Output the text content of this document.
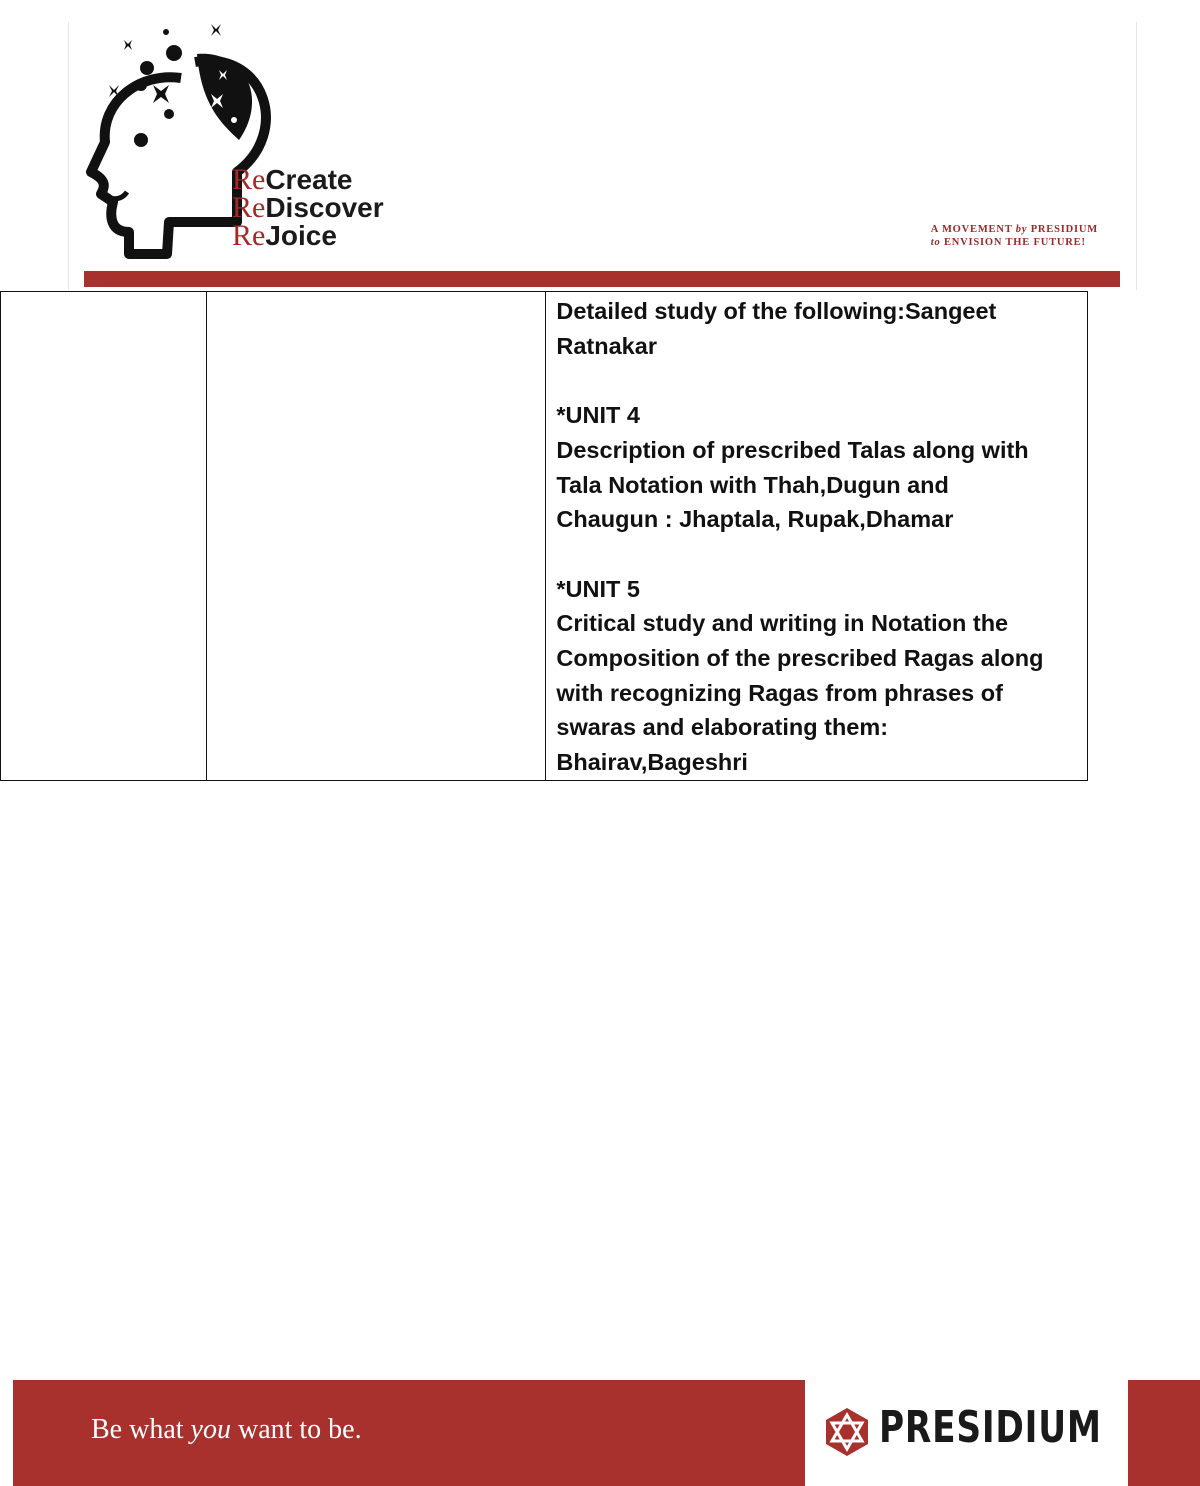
ReCreate
ReDiscover
ReJoice	A MOVEMENT by PRESIDIUM
to ENVISION THE FUTURE!

Detailed study of the following:Sangeet
Ratnakar

*UNIT 4
Description of prescribed Talas along with
Tala Notation with Thah,Dugun and
Chaugun : Jhaptala, Rupak,Dhamar

*UNIT 5
Critical study and writing in Notation the
Composition of the prescribed Ragas along
with recognizing Ragas from phrases of
swaras and elaborating them:
Bhairav,Bageshri
Be what you want to be.	PRESIDIUM
